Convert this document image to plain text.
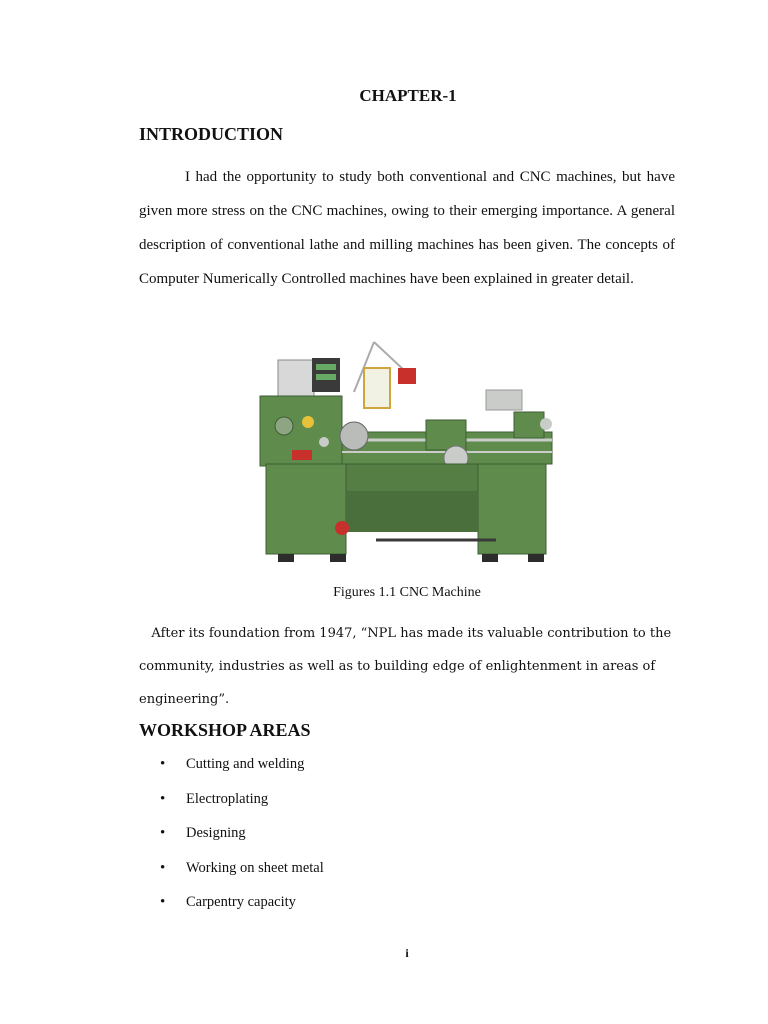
CHAPTER-1
INTRODUCTION
I had the opportunity to study both conventional and CNC machines, but have given more stress on the CNC machines, owing to their emerging importance. A general description of conventional lathe and milling machines has been given. The concepts of Computer Numerically Controlled machines have been explained in greater detail.
Figures 1.1 CNC Machine
After its foundation from 1947, “NPL has made its valuable contribution to the community, industries as well as to building edge of enlightenment in areas of engineering”.
WORKSHOP AREAS
•	Cutting and welding
•	Electroplating
•	Designing
•	Working on sheet metal
•	Carpentry capacity
i
